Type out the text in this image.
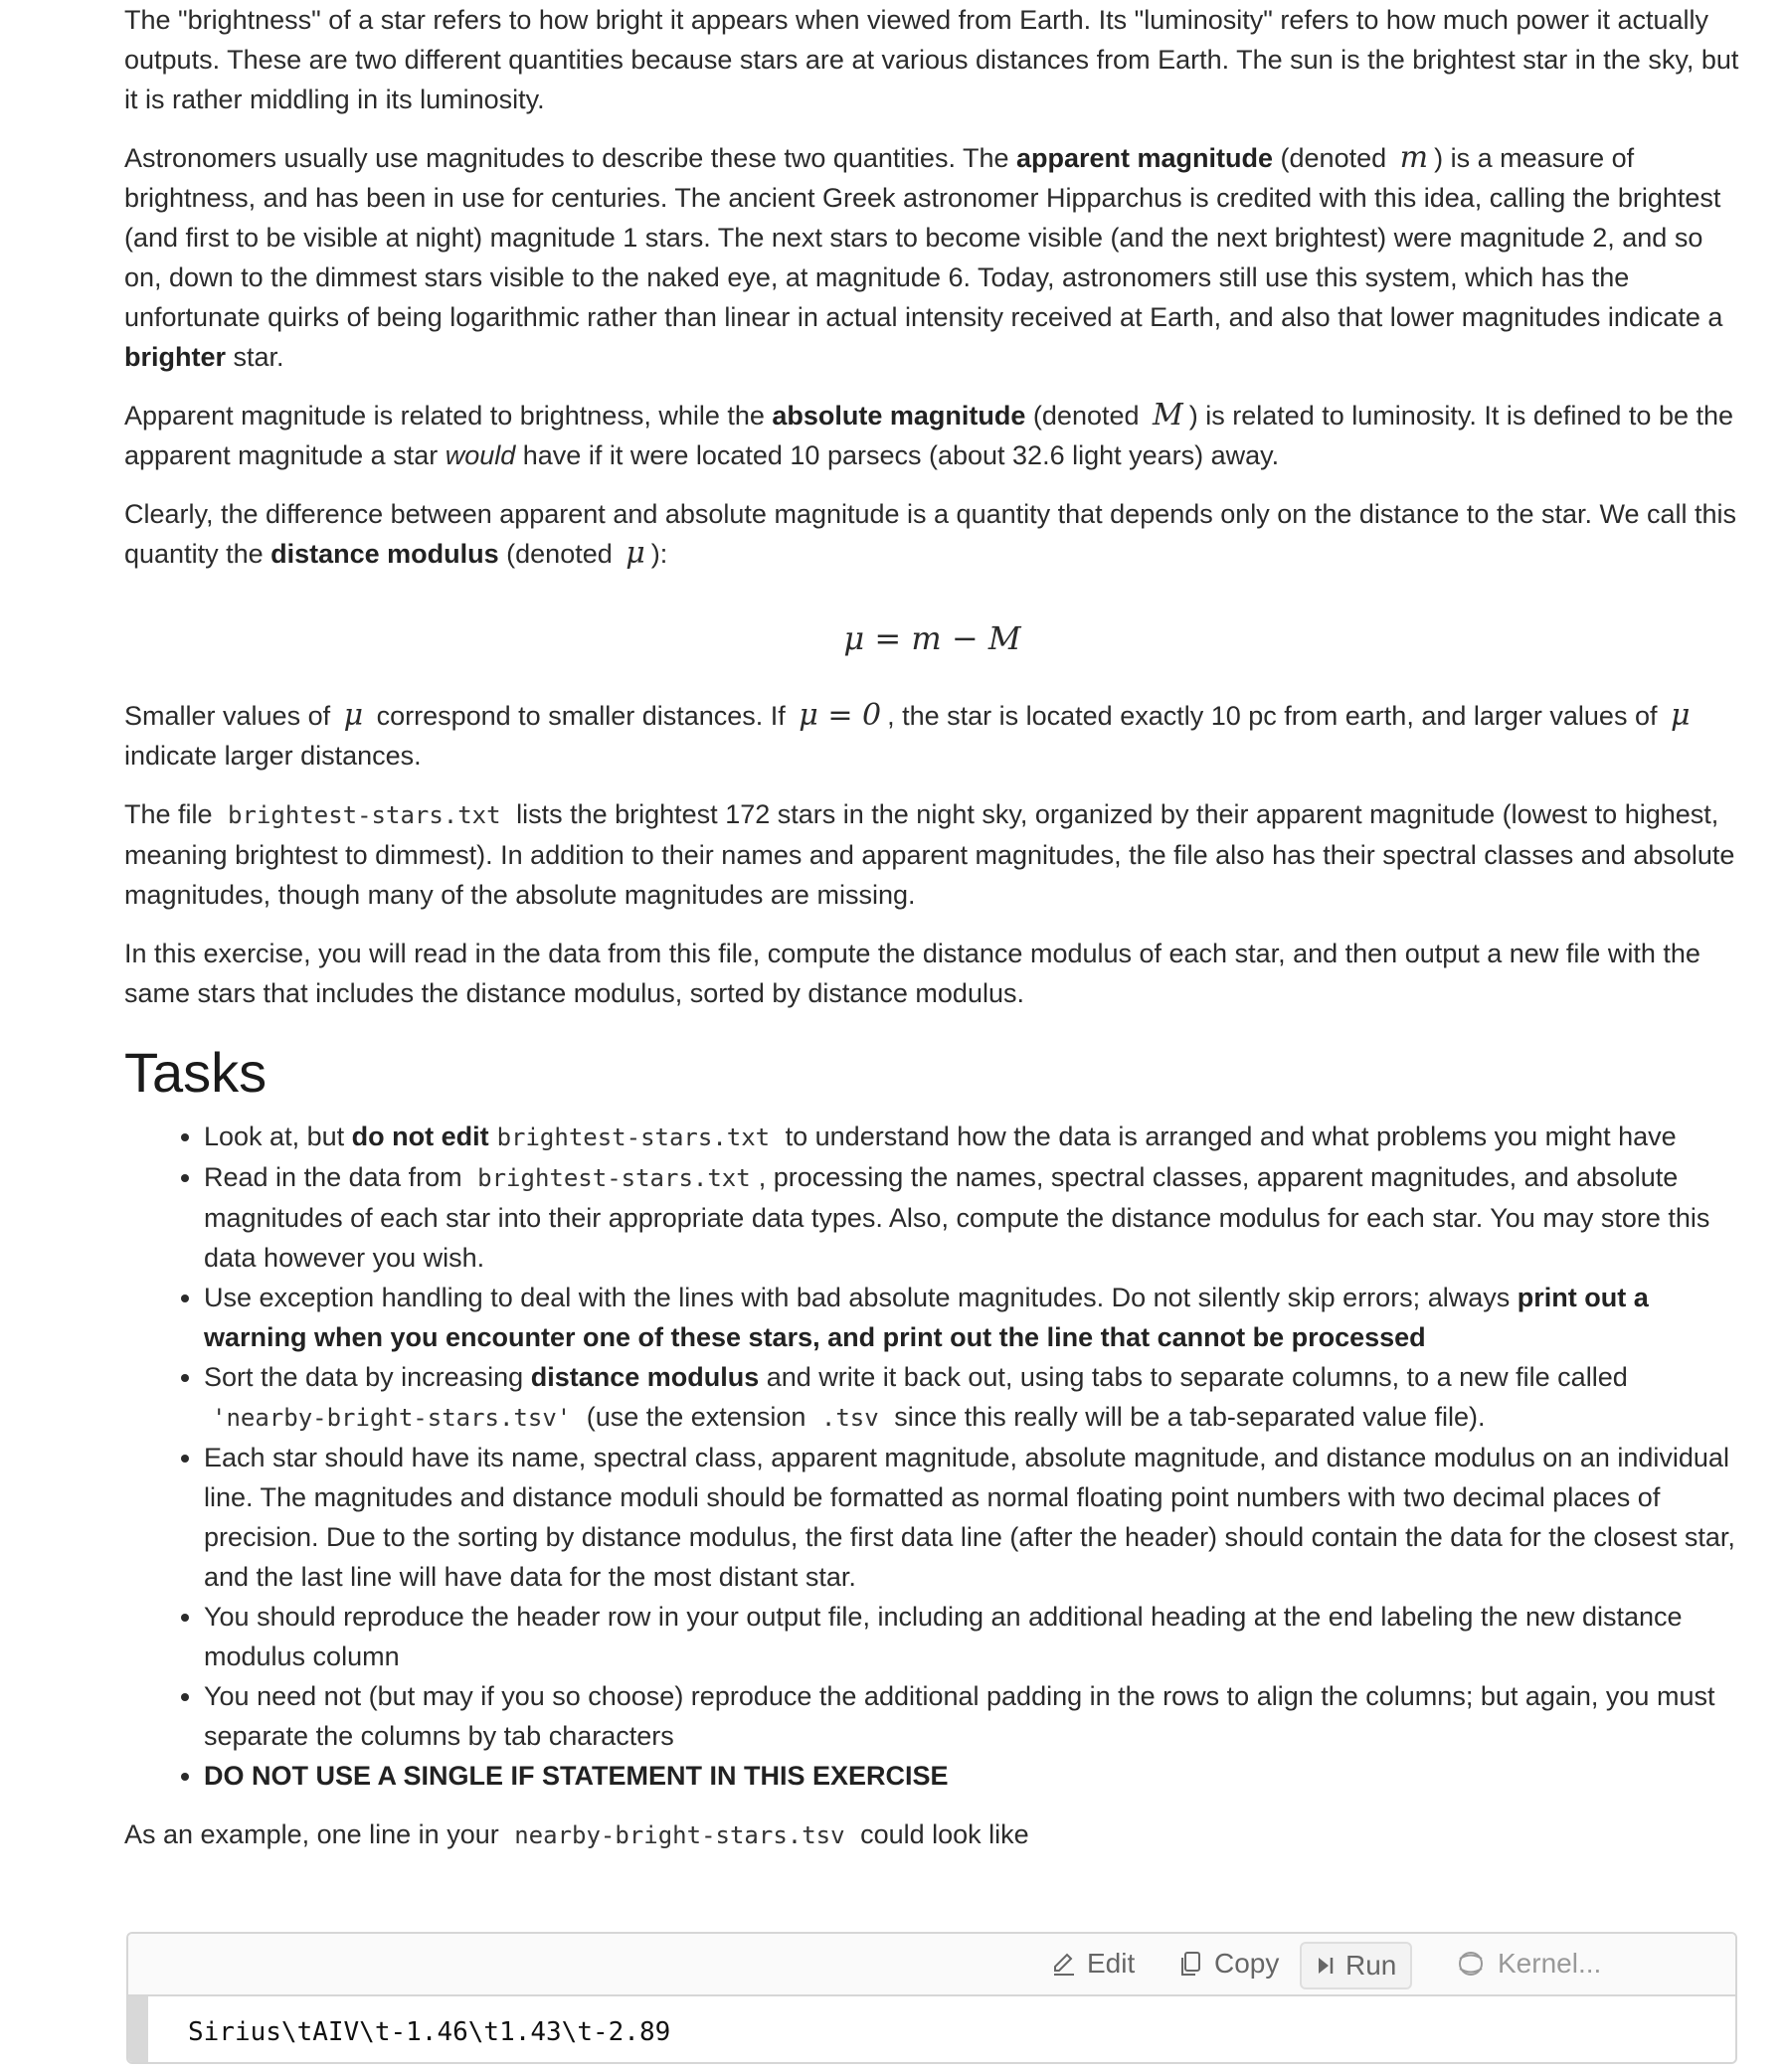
The "brightness" of a star refers to how bright it appears when viewed from Earth. Its "luminosity" refers to how much power it actually outputs. These are two different quantities because stars are at various distances from Earth. The sun is the brightest star in the sky, but it is rather middling in its luminosity.

Astronomers usually use magnitudes to describe these two quantities. The apparent magnitude (denoted m ) is a measure of brightness, and has been in use for centuries. The ancient Greek astronomer Hipparchus is credited with this idea, calling the brightest (and first to be visible at night) magnitude 1 stars. The next stars to become visible (and the next brightest) were magnitude 2, and so on, down to the dimmest stars visible to the naked eye, at magnitude 6. Today, astronomers still use this system, which has the unfortunate quirks of being logarithmic rather than linear in actual intensity received at Earth, and also that lower magnitudes indicate a brighter star.

Apparent magnitude is related to brightness, while the absolute magnitude (denoted M ) is related to luminosity. It is defined to be the apparent magnitude a star would have if it were located 10 parsecs (about 32.6 light years) away.

Clearly, the difference between apparent and absolute magnitude is a quantity that depends only on the distance to the star. We call this quantity the distance modulus (denoted μ ):

μ = m − M

Smaller values of μ correspond to smaller distances. If μ = 0 , the star is located exactly 10 pc from earth, and larger values of μ indicate larger distances.

The file brightest-stars.txt lists the brightest 172 stars in the night sky, organized by their apparent magnitude (lowest to highest, meaning brightest to dimmest). In addition to their names and apparent magnitudes, the file also has their spectral classes and absolute magnitudes, though many of the absolute magnitudes are missing.

In this exercise, you will read in the data from this file, compute the distance modulus of each star, and then output a new file with the same stars that includes the distance modulus, sorted by distance modulus.

Tasks
• Look at, but do not edit brightest-stars.txt to understand how the data is arranged and what problems you might have
• Read in the data from brightest-stars.txt , processing the names, spectral classes, apparent magnitudes, and absolute magnitudes of each star into their appropriate data types. Also, compute the distance modulus for each star. You may store this data however you wish.
• Use exception handling to deal with the lines with bad absolute magnitudes. Do not silently skip errors; always print out a warning when you encounter one of these stars, and print out the line that cannot be processed
• Sort the data by increasing distance modulus and write it back out, using tabs to separate columns, to a new file called 'nearby-bright-stars.tsv' (use the extension .tsv since this really will be a tab-separated value file).
• Each star should have its name, spectral class, apparent magnitude, absolute magnitude, and distance modulus on an individual line. The magnitudes and distance moduli should be formatted as normal floating point numbers with two decimal places of precision. Due to the sorting by distance modulus, the first data line (after the header) should contain the data for the closest star, and the last line will have data for the most distant star.
• You should reproduce the header row in your output file, including an additional heading at the end labeling the new distance modulus column
• You need not (but may if you so choose) reproduce the additional padding in the rows to align the columns; but again, you must separate the columns by tab characters
• DO NOT USE A SINGLE IF STATEMENT IN THIS EXERCISE

As an example, one line in your nearby-bright-stars.tsv could look like

Edit	Copy Run	Kernel...
Sirius\tAIV\t-1.46\t1.43\t-2.89
